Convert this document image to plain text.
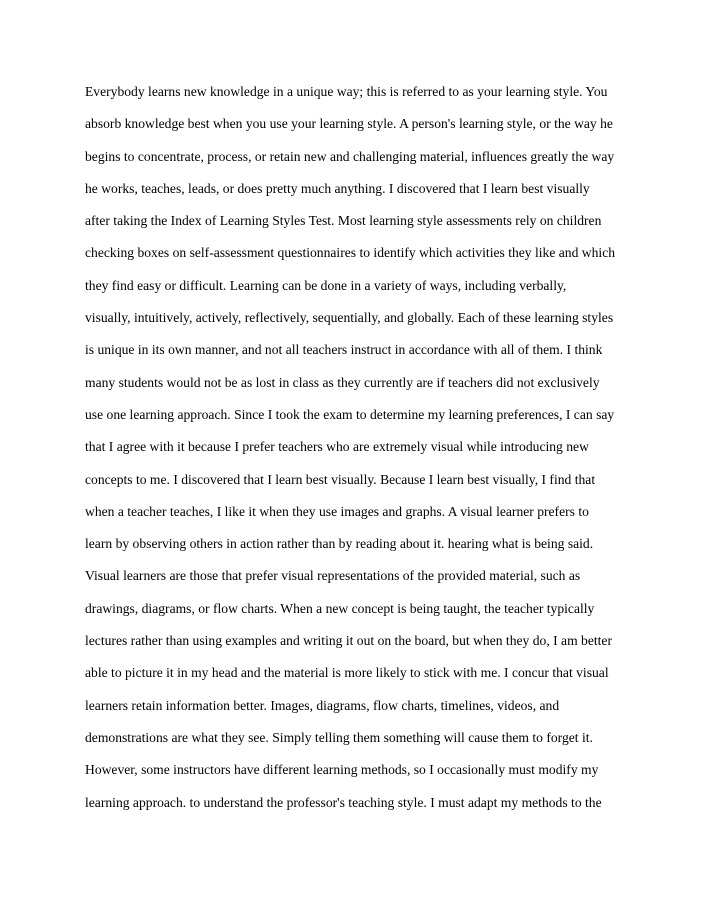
Everybody learns new knowledge in a unique way; this is referred to as your learning style. You
absorb knowledge best when you use your learning style. A person's learning style, or the way he
begins to concentrate, process, or retain new and challenging material, influences greatly the way
he works, teaches, leads, or does pretty much anything. I discovered that I learn best visually
after taking the Index of Learning Styles Test. Most learning style assessments rely on children
checking boxes on self-assessment questionnaires to identify which activities they like and which
they find easy or difficult. Learning can be done in a variety of ways, including verbally,
visually, intuitively, actively, reflectively, sequentially, and globally. Each of these learning styles
is unique in its own manner, and not all teachers instruct in accordance with all of them. I think
many students would not be as lost in class as they currently are if teachers did not exclusively
use one learning approach. Since I took the exam to determine my learning preferences, I can say
that I agree with it because I prefer teachers who are extremely visual while introducing new
concepts to me. I discovered that I learn best visually. Because I learn best visually, I find that
when a teacher teaches, I like it when they use images and graphs. A visual learner prefers to
learn by observing others in action rather than by reading about it. hearing what is being said.
Visual learners are those that prefer visual representations of the provided material, such as
drawings, diagrams, or flow charts. When a new concept is being taught, the teacher typically
lectures rather than using examples and writing it out on the board, but when they do, I am better
able to picture it in my head and the material is more likely to stick with me. I concur that visual
learners retain information better. Images, diagrams, flow charts, timelines, videos, and
demonstrations are what they see. Simply telling them something will cause them to forget it.
However, some instructors have different learning methods, so I occasionally must modify my
learning approach. to understand the professor's teaching style. I must adapt my methods to the
